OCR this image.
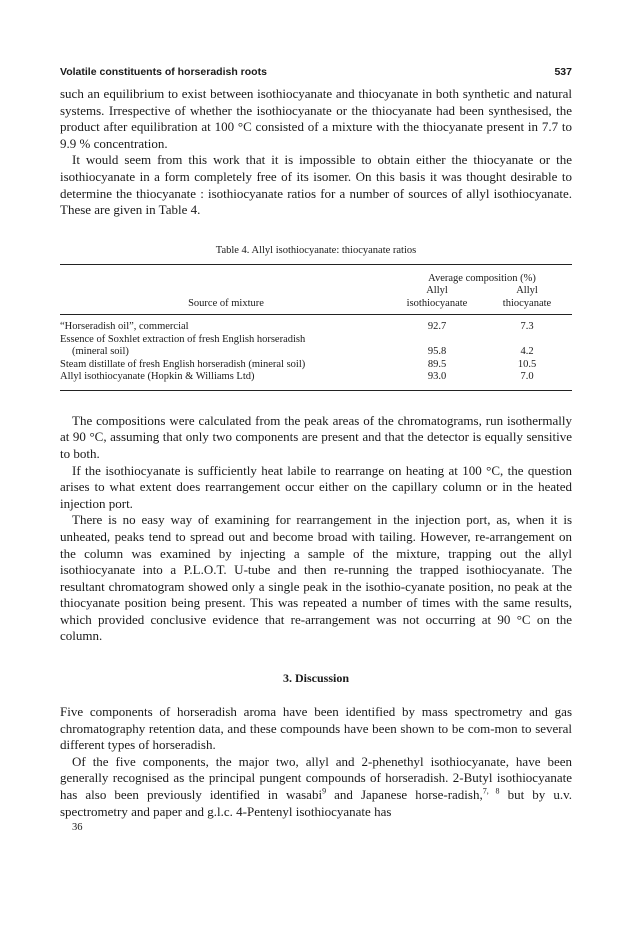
Volatile constituents of horseradish roots	537

such an equilibrium to exist between isothiocyanate and thiocyanate in both synthetic and natural systems. Irrespective of whether the isothiocyanate or the thiocyanate had been synthesised, the product after equilibration at 100 °C consisted of a mixture with the thiocyanate present in 7.7 to 9.9 % concentration.

It would seem from this work that it is impossible to obtain either the thiocyanate or the isothiocyanate in a form completely free of its isomer. On this basis it was thought desirable to determine the thiocyanate : isothiocyanate ratios for a number of sources of allyl isothiocyanate. These are given in Table 4.

Table 4. Allyl isothiocyanate: thiocyanate ratios
	Average composition (%)	
	Allyl	Allyl
Source of mixture	isothiocyanate	thiocyanate
“Horseradish oil”, commercial	92.7	7.3
Essence of Soxhlet extraction of fresh English horseradish		
(mineral soil)	95.8	4.2
Steam distillate of fresh English horseradish (mineral soil)	89.5	10.5
Allyl isothiocyanate (Hopkin & Williams Ltd)	93.0	7.0

The compositions were calculated from the peak areas of the chromatograms, run isothermally at 90 °C, assuming that only two components are present and that the detector is equally sensitive to both.

If the isothiocyanate is sufficiently heat labile to rearrange on heating at 100 °C, the question arises to what extent does rearrangement occur either on the capillary column or in the heated injection port.

There is no easy way of examining for rearrangement in the injection port, as, when it is unheated, peaks tend to spread out and become broad with tailing. However, re-arrangement on the column was examined by injecting a sample of the mixture, trapping out the allyl isothiocyanate into a P.L.O.T. U-tube and then re-running the trapped isothiocyanate. The resultant chromatogram showed only a single peak in the isothio-cyanate position, no peak at the thiocyanate position being present. This was repeated a number of times with the same results, which provided conclusive evidence that re-arrangement was not occurring at 90 °C on the column.

3. Discussion

Five components of horseradish aroma have been identified by mass spectrometry and gas chromatography retention data, and these compounds have been shown to be com-mon to several different types of horseradish.

Of the five components, the major two, allyl and 2-phenethyl isothiocyanate, have been generally recognised as the principal pungent compounds of horseradish. 2-Butyl isothiocyanate has also been previously identified in wasabi$^9$ and Japanese horse-radish,$^{7, 8}$ but by u.v. spectrometry and paper and g.l.c. 4-Pentenyl isothiocyanate has

36
